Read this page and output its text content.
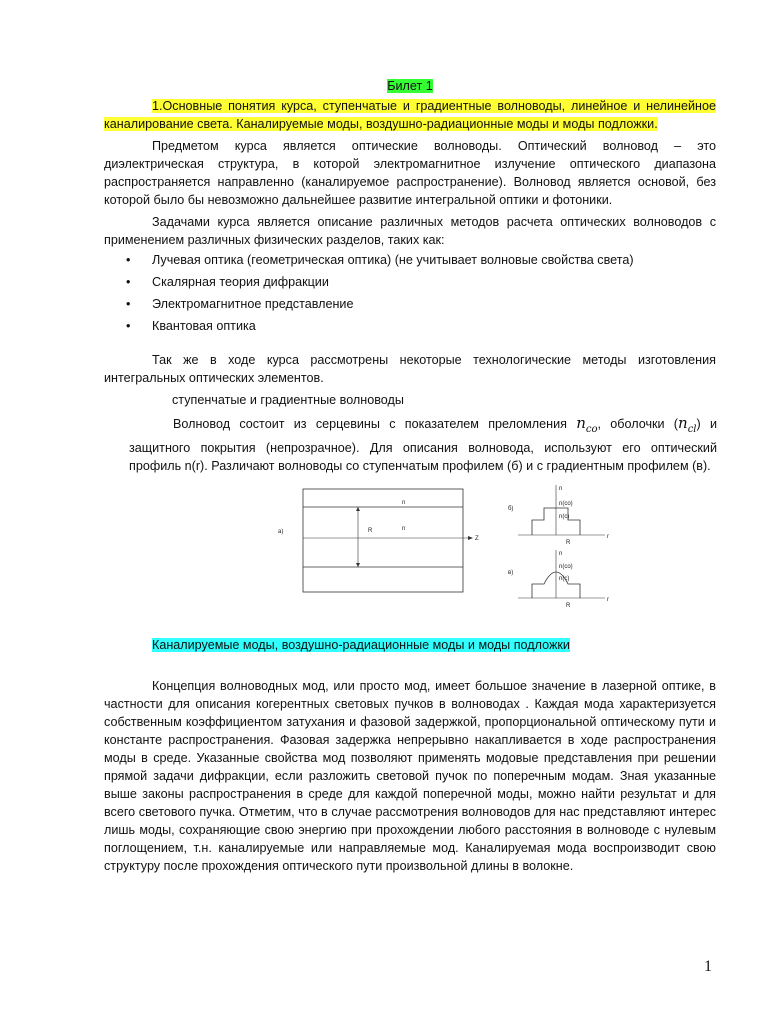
Билет 1
1.Основные понятия курса, ступенчатые и градиентные волноводы, линейное и нелинейное каналирование света. Каналируемые моды, воздушно-радиационные моды и моды подложки.

Предметом курса является оптические волноводы. Оптический волновод – это диэлектрическая структура, в которой электромагнитное излучение оптического диапазона распространяется направленно (каналируемое распространение). Волновод является основой, без которой было бы невозможно дальнейшее развитие интегральной оптики и фотоники.

Задачами курса является описание различных методов расчета оптических волноводов с применением различных физических разделов, таких как:

• Лучевая оптика (геометрическая оптика) (не учитывает волновые свойства света)
• Скалярная теория дифракции
• Электромагнитное представление
• Квантовая оптика

Так же в ходе курса рассмотрены некоторые технологические методы изготовления интегральных оптических элементов.

ступенчатые и градиентные волноводы

Волновод состоит из серцевины с показателем преломления $n_{co}$, оболочки $(n_{cl})$ и защитного покрытия (непрозрачное). Для описания волновода, используют его оптический профиль n(r). Различают волноводы со ступенчатым профилем (б) и с градиентным профилем (в).

а)
Z
R
n
n
б)
n
n(co)
n(c)
R
r
в)
n
n(co)
n(c)
R
r
Каналируемые моды, воздушно-радиационные моды и моды подложки

Концепция волноводных мод, или просто мод, имеет большое значение в лазерной оптике, в частности для описания когерентных световых пучков в волноводах . Каждая мода характеризуется собственным коэффициентом затухания и фазовой задержкой, пропорциональной оптическому пути и константе распространения. Фазовая задержка непрерывно накапливается в ходе распространения моды в среде. Указанные свойства мод позволяют применять модовые представления при решении прямой задачи дифракции, если разложить световой пучок по поперечным модам. Зная указанные выше законы распространения в среде для каждой поперечной моды, можно найти результат и для всего светового пучка. Отметим, что в случае рассмотрения волноводов для нас представляют интерес лишь моды, сохраняющие свою энергию при прохождении любого расстояния в волноводе с нулевым поглощением, т.н. каналируемые или направляемые мод. Каналируемая мода воспроизводит свою структуру после прохождения оптического пути произвольной длины в волокне.

1
